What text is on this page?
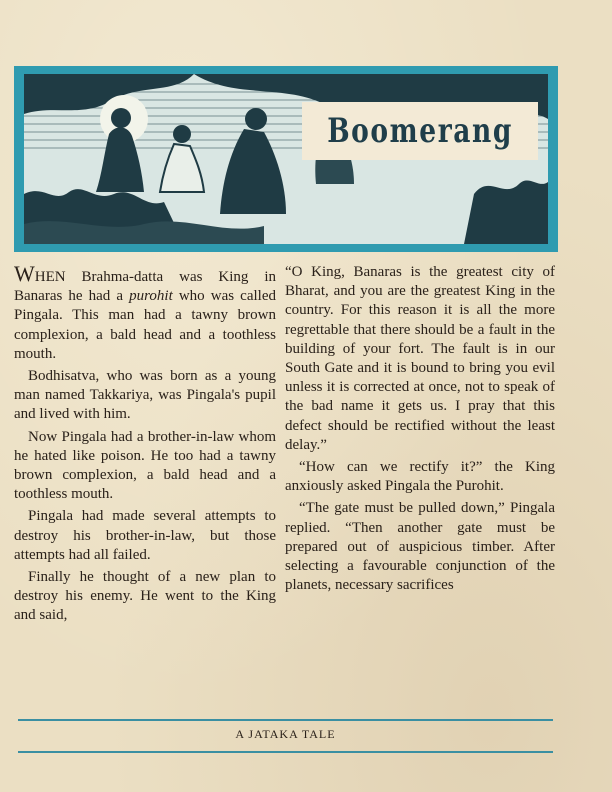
Boomerang

WHEN Brahma-datta was King in Banaras he had a purohit who was called Pingala. This man had a tawny brown complexion, a bald head and a toothless mouth.

Bodhisatva, who was born as a young man named Takkariya, was Pingala's pupil and lived with him.

Now Pingala had a brother-in-law whom he hated like poison. He too had a tawny brown complexion, a bald head and a toothless mouth.

Pingala had made several attempts to destroy his brother-in-law, but those attempts had all failed.

Finally he thought of a new plan to destroy his enemy. He went to the King and said,

“O King, Banaras is the greatest city of Bharat, and you are the greatest King in the country. For this reason it is all the more regrettable that there should be a fault in the building of your fort. The fault is in our South Gate and it is bound to bring you evil unless it is corrected at once, not to speak of the bad name it gets us. I pray that this defect should be rectified without the least delay.”

“How can we rectify it?” the King anxiously asked Pingala the Purohit.

“The gate must be pulled down,” Pingala replied. “Then another gate must be prepared out of auspicious timber. After selecting a favourable conjunction of the planets, necessary sacrifices

A JATAKA TALE
